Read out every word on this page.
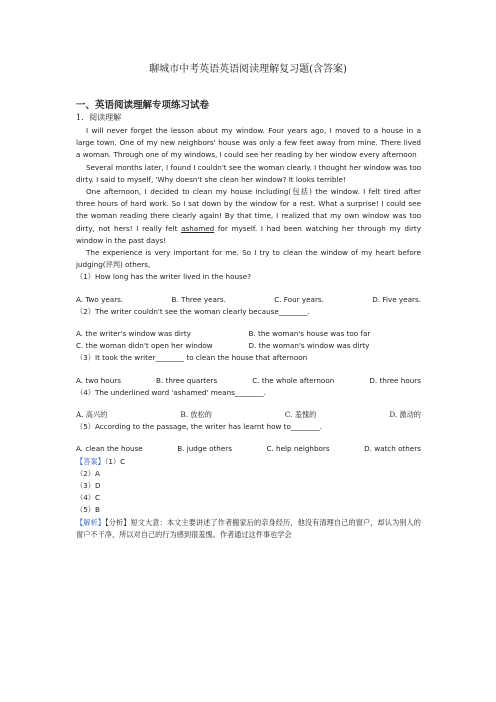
聊城市中考英语英语阅读理解复习题(含答案)
一、英语阅读理解专项练习试卷
1．阅读理解

I will never forget the lesson about my window. Four years ago, I moved to a house in a large town. One of my new neighbors' house was only a few feet away from mine. There lived a woman. Through one of my windows, I could see her reading by her window every afternoon

Several months later, I found I couldn't see the woman clearly. I thought her window was too dirty. I said to myself, 'Why doesn't she clean her window? It looks terrible!

One afternoon, I decided to clean my house including(包括) the window. I felt tired after three hours of hard work. So I sat down by the window for a rest. What a surprise! I could see the woman reading there clearly again! By that time, I realized that my own window was too dirty, not hers! I really felt ashamed for myself. I had been watching her through my dirty window in the past days!

The experience is very important for me. So I try to clean the window of my heart before judging(评判) others,

（1）How long has the writer lived in the house?

A. Two years.	B. Three years.	C. Four years.	D. Five years.

（2）The writer couldn't see the woman clearly because________.

A. the writer's window was dirty	B. the woman's house was too far
C. the woman didn't open her window	D. the woman's window was dirty

（3）It took the writer________ to clean the house that afternoon

A. two hours	B. three quarters	C. the whole afternoon	D. three hours

（4）The underlined word 'ashamed' means________.

A. 高兴的	B. 放松的	C. 羞愧的	D. 激动的

（5）According to the passage, the writer has learnt how to________.

A. clean the house	B. judge others	C. help neighbors	D. watch others

【答案】（1）C

（2）A

（3）D

（4）C

（5）B

【解析】【分析】短文大意：本文主要讲述了作者搬家后的亲身经历，他没有清理自己的窗户，却认为别人的窗户不干净，所以对自己的行为感到很羞愧。作者通过这件事也学会
